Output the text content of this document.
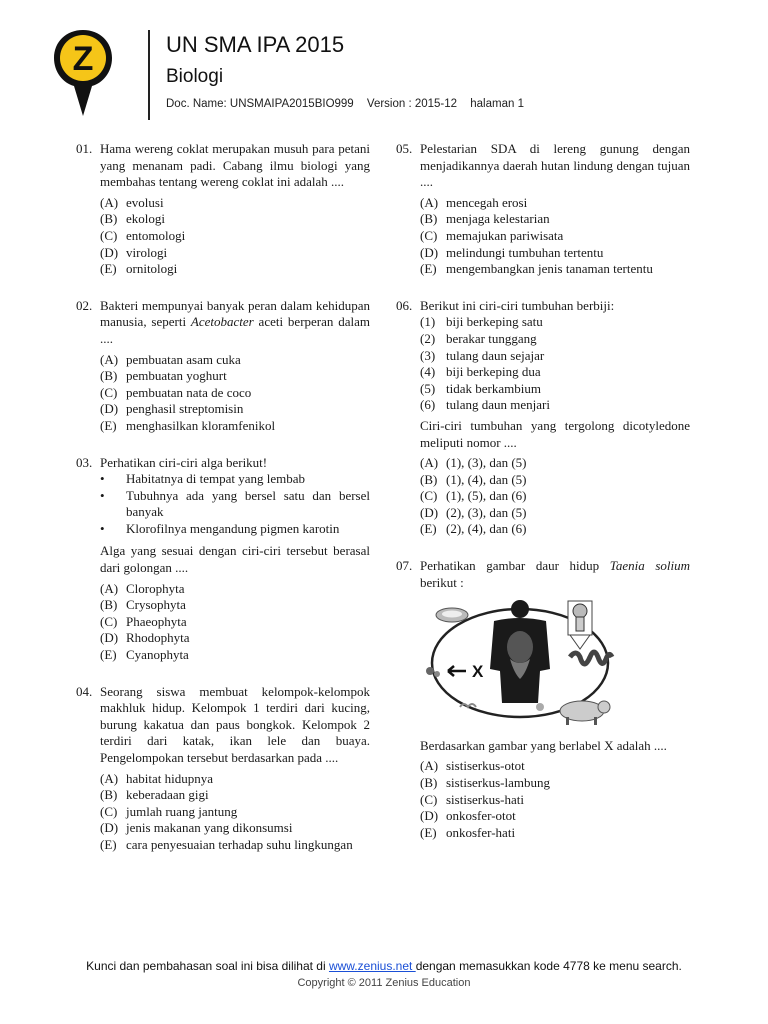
Z	UN SMA IPA 2015
Biologi
Doc. Name: UNSMAIPA2015BIO999 Version : 2015-12 halaman 1
01. Hama wereng coklat merupakan musuh para petani yang menanam padi. Cabang ilmu biologi yang membahas tentang wereng coklat ini adalah ....
(A) evolusi
(B) ekologi
(C) entomologi
(D) virologi
(E) ornitologi
02. Bakteri mempunyai banyak peran dalam kehidupan manusia, seperti Acetobacter aceti berperan dalam ....
(A) pembuatan asam cuka
(B) pembuatan yoghurt
(C) pembuatan nata de coco
(D) penghasil streptomisin
(E) menghasilkan kloramfenikol
03. Perhatikan ciri-ciri alga berikut!
•	Habitatnya di tempat yang lembab
•	Tubuhnya ada yang bersel satu dan bersel banyak
•	Klorofilnya mengandung pigmen karotin
Alga yang sesuai dengan ciri-ciri tersebut berasal dari golongan ....
(A) Clorophyta
(B) Crysophyta
(C) Phaeophyta
(D) Rhodophyta
(E) Cyanophyta
04. Seorang siswa membuat kelompok-kelompok makhluk hidup. Kelompok 1 terdiri dari kucing, burung kakatua dan paus bongkok. Kelompok 2 terdiri dari katak, ikan lele dan buaya. Pengelompokan tersebut berdasarkan pada ....
(A) habitat hidupnya
(B) keberadaan gigi
(C) jumlah ruang jantung
(D) jenis makanan yang dikonsumsi
(E) cara penyesuaian terhadap suhu lingkungan
05. Pelestarian SDA di lereng gunung dengan menjadikannya daerah hutan lindung dengan tujuan ....
(A) mencegah erosi
(B) menjaga kelestarian
(C) memajukan pariwisata
(D) melindungi tumbuhan tertentu
(E) mengembangkan jenis tanaman tertentu
06. Berikut ini ciri-ciri tumbuhan berbiji:
(1) biji berkeping satu
(2) berakar tunggang
(3) tulang daun sejajar
(4) biji berkeping dua
(5) tidak berkambium
(6) tulang daun menjari
Ciri-ciri tumbuhan yang tergolong dicotyledone meliputi nomor ....
(A) (1), (3), dan (5)
(B) (1), (4), dan (5)
(C) (1), (5), dan (6)
(D) (2), (3), dan (5)
(E) (2), (4), dan (6)
07. Perhatikan gambar daur hidup Taenia solium berikut :
X
Berdasarkan gambar yang berlabel X adalah ....
(A) sistiserkus-otot
(B) sistiserkus-lambung
(C) sistiserkus-hati
(D) onkosfer-otot
(E) onkosfer-hati
Kunci dan pembahasan soal ini bisa dilihat di www.zenius.net dengan memasukkan kode 4778 ke menu search.
Copyright © 2011 Zenius Education
